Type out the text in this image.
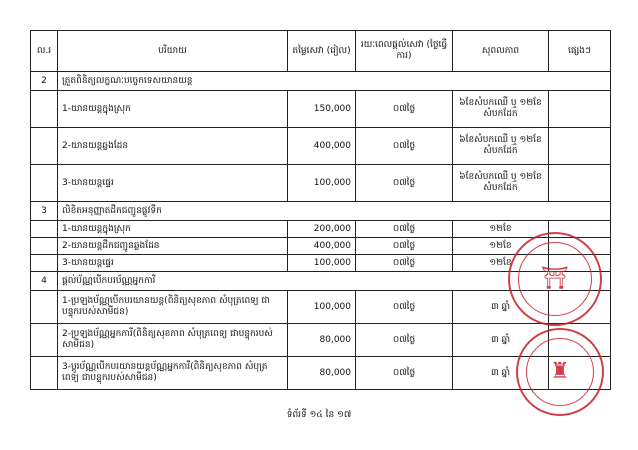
ល.រ	បរិយាយ	តម្លៃសេវា (រៀល)	រយៈពេលផ្តល់សេវា (ថ្ងៃធ្វើការ)	សុពលភាព	ផ្សេងៗ
2	ត្រួតពិនិត្យលក្ខណៈបច្ចេកទេសយានយន្ត				
	1-យានយន្តក្នុងស្រុក	150,000	០៧ថ្ងៃ	៦ខែសំបកឈើ ឬ ១២ខែសំបកដែក	
	2-យានយន្តឆ្លងដែន	400,000	០៧ថ្ងៃ	៦ខែសំបកឈើ ឬ ១២ខែសំបកដែក	
	3-យានយន្តផ្ទេរ	100,000	០៧ថ្ងៃ	៦ខែសំបកឈើ ឬ ១២ខែសំបកដែក	
3	លិខិតអនុញ្ញាតដឹកជញ្ជូនផ្លូវទឹក				
	1-យានយន្តក្នុងស្រុក	200,000	០៧ថ្ងៃ	១២ខែ	
	2-យានយន្តដឹកជញ្ជូនឆ្លងដែន	400,000	០៧ថ្ងៃ	១២ខែ	
	3-យានយន្តផ្ទេរ	100,000	០៧ថ្ងៃ	១២ខែ	
4	ផ្តល់ប័ណ្ណបើកបរប័ណ្ណអ្នកការី				
	1-ប្រឡងប័ណ្ណបើកបរយានយន្ត(ពិនិត្យសុខភាព សំបុត្រពេទ្យ ជាបន្ទុករបស់សាមីជន)	100,000	០៧ថ្ងៃ	៣ ឆ្នាំ	
	2-ប្រឡងប័ណ្ណអ្នកការី(ពិនិត្យសុខភាព សំបុត្រពេទ្យ ជាបន្ទុករបស់សាមីជន)	80,000	០៧ថ្ងៃ	៣ ឆ្នាំ	
	3-ប្តូរប័ណ្ណបើកបរយានយន្តប័ណ្ណអ្នកការី(ពិនិត្យសុខភាព សំបុត្រពេទ្យ ជាបន្ទុករបស់សាមីជន)	80,000	០៧ថ្ងៃ	៣ ឆ្នាំ	
⛩
♜
ទំព័រទី ១៤ នៃ ១៧
